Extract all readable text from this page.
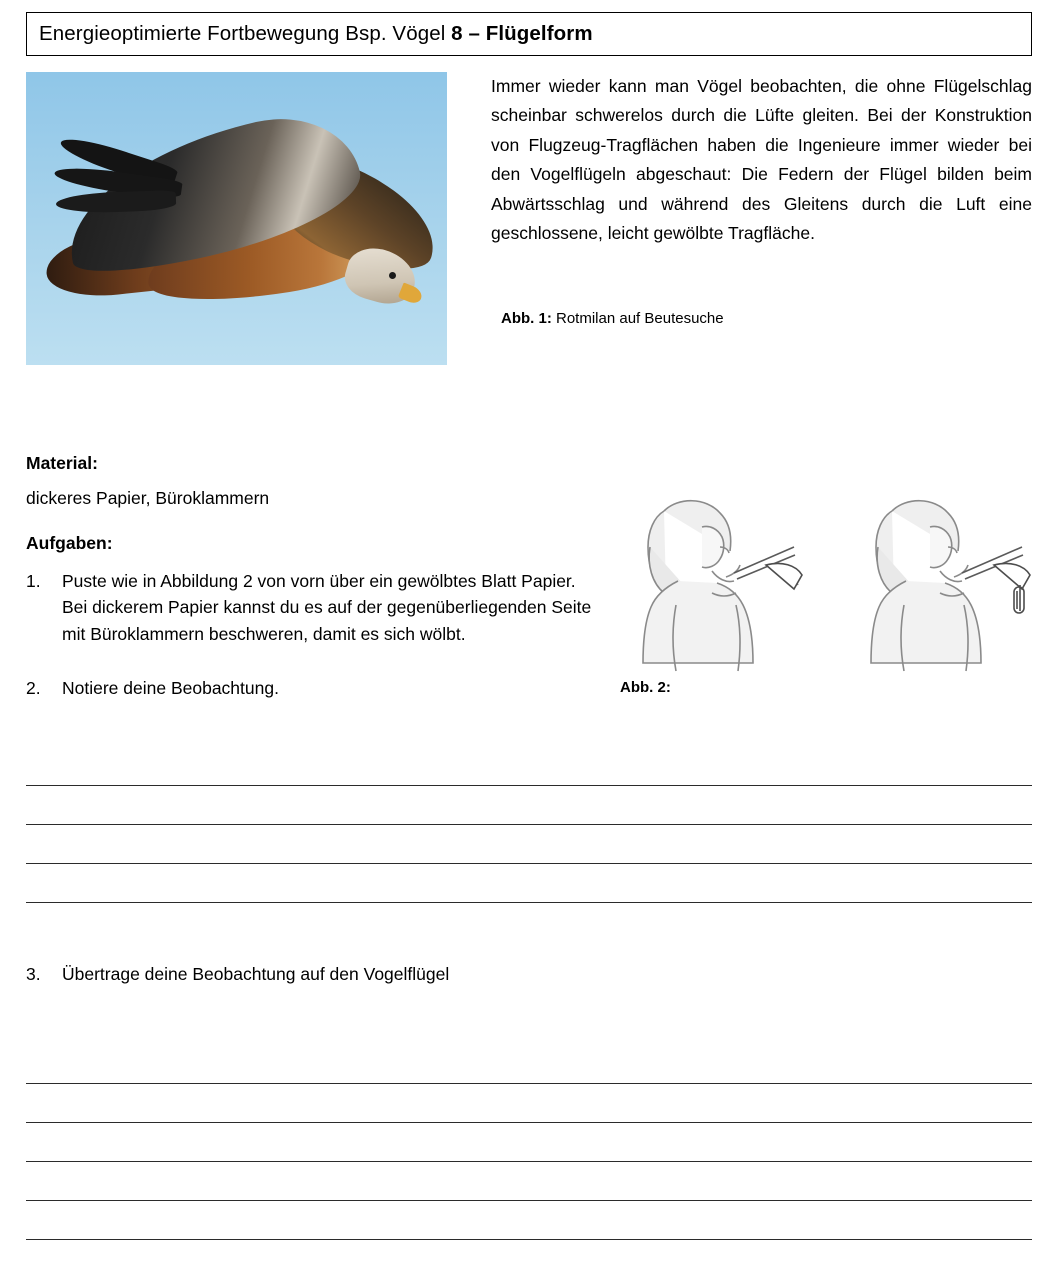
Energieoptimierte Fortbewegung Bsp. Vögel 8 – Flügelform

Immer wieder kann man Vögel beobachten, die ohne Flügelschlag scheinbar schwerelos durch die Lüfte gleiten. Bei der Konstruktion von Flugzeug-Tragflächen haben die Ingenieure immer wieder bei den Vogelflügeln abgeschaut: Die Federn der Flügel bilden beim Abwärtsschlag und während des Gleitens durch die Luft eine geschlossene, leicht gewölbte Tragfläche.

Abb. 1: Rotmilan auf Beutesuche

Material:

dickeres Papier, Büroklammern

Aufgaben:

1.	Puste wie in Abbildung 2 von vorn über ein gewölbtes Blatt Papier. Bei dickerem Papier kannst du es auf der gegenüberliegenden Seite mit Büroklammern beschweren, damit es sich wölbt.
2.	Notiere deine Beobachtung.	Abb. 2:
3.	Übertrage deine Beobachtung auf den Vogelflügel
